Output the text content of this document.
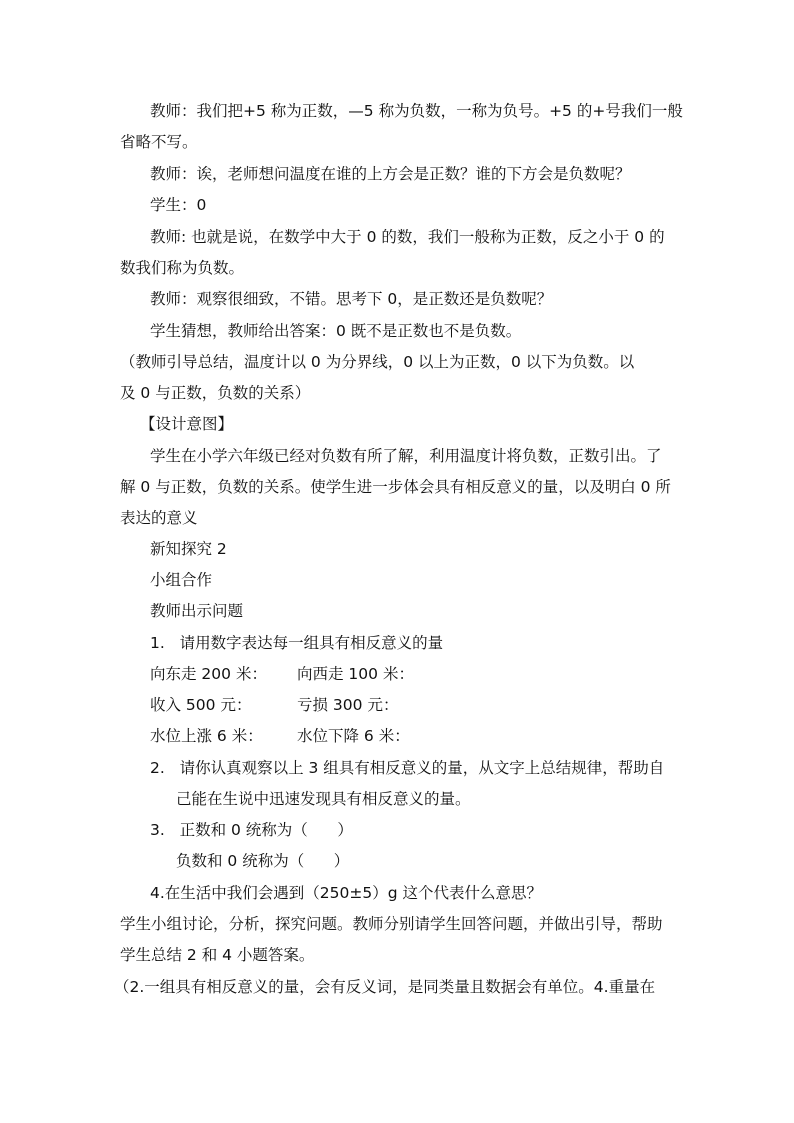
教师：我们把+5 称为正数，—5 称为负数，一称为负号。+5 的+号我们一般
省略不写。
教师：诶，老师想问温度在谁的上方会是正数？谁的下方会是负数呢？
学生：0
教师: 也就是说，在数学中大于 0 的数，我们一般称为正数，反之小于 0 的
数我们称为负数。
教师：观察很细致，不错。思考下 0，是正数还是负数呢？
学生猜想，教师给出答案：0 既不是正数也不是负数。
（教师引导总结，温度计以 0 为分界线，0 以上为正数，0 以下为负数。以
及 0 与正数，负数的关系）
【设计意图】
学生在小学六年级已经对负数有所了解，利用温度计将负数，正数引出。了
解 0 与正数，负数的关系。使学生进一步体会具有相反意义的量，以及明白 0 所
表达的意义
新知探究 2
小组合作
教师出示问题
1.   请用数字表达每一组具有相反意义的量
向东走 200 米： 向西走 100 米：
收入 500 元：	亏损 300 元：
水位上涨 6 米： 水位下降 6 米：
2.   请你认真观察以上 3 组具有相反意义的量，从文字上总结规律，帮助自
己能在生说中迅速发现具有相反意义的量。
3.   正数和 0 统称为（      ）
负数和 0 统称为（      ）
4.在生活中我们会遇到（250±5）g 这个代表什么意思？
学生小组讨论，分析，探究问题。教师分别请学生回答问题，并做出引导，帮助
学生总结 2 和 4 小题答案。
（2.一组具有相反意义的量，会有反义词，是同类量且数据会有单位。4.重量在
